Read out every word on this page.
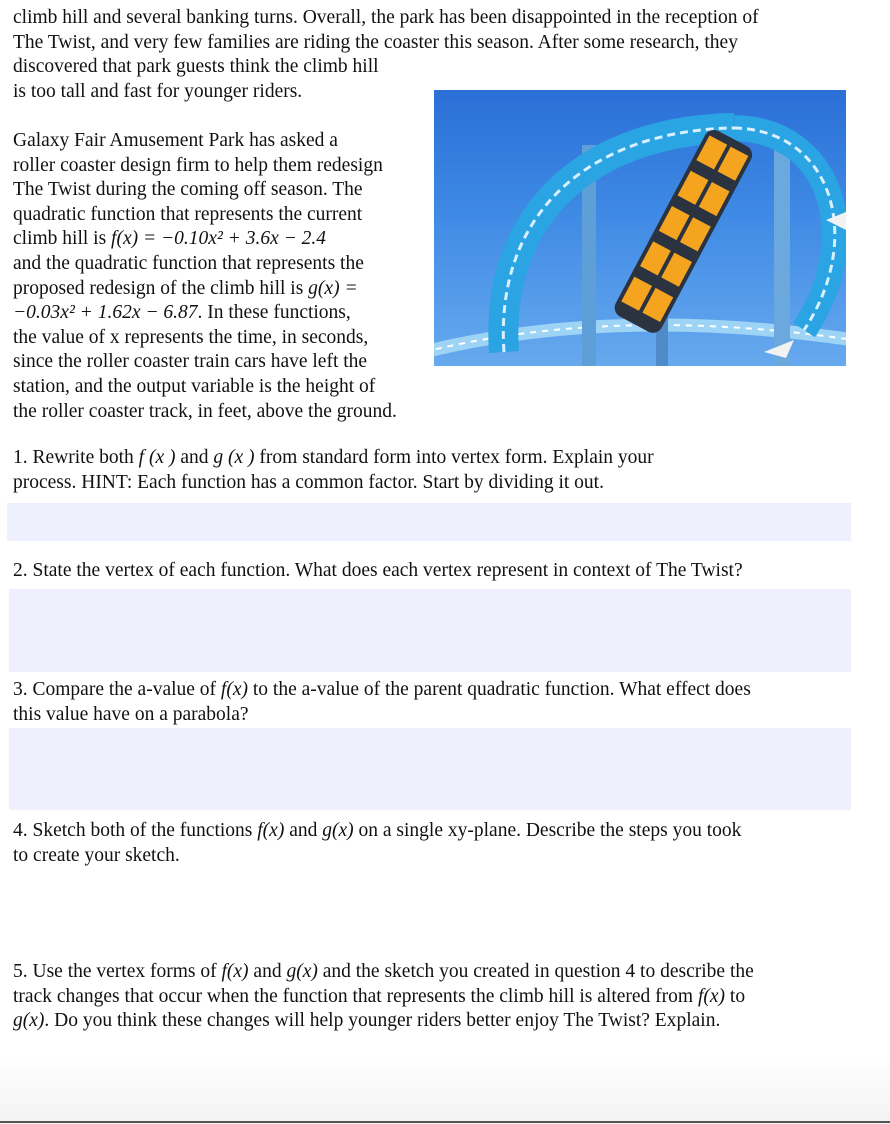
climb hill and several banking turns. Overall, the park has been disappointed in the reception of

The Twist, and very few families are riding the coaster this season. After some research, they

discovered that park guests think the climb hill

is too tall and fast for younger riders.

Galaxy Fair Amusement Park has asked a

roller coaster design firm to help them redesign

The Twist during the coming off season. The

quadratic function that represents the current

climb hill is f(x) = −0.10x² + 3.6x − 2.4

and the quadratic function that represents the

proposed redesign of the climb hill is g(x) =

−0.03x² + 1.62x − 6.87. In these functions,

the value of x represents the time, in seconds,

since the roller coaster train cars have left the

station, and the output variable is the height of

the roller coaster track, in feet, above the ground.

1. Rewrite both f (x ) and g (x ) from standard form into vertex form. Explain your

process. HINT: Each function has a common factor. Start by dividing it out.

2. State the vertex of each function. What does each vertex represent in context of The Twist?

3. Compare the a-value of f(x) to the a-value of the parent quadratic function. What effect does

this value have on a parabola?

4. Sketch both of the functions f(x) and g(x) on a single xy-plane. Describe the steps you took

to create your sketch.

5. Use the vertex forms of f(x) and g(x) and the sketch you created in question 4 to describe the

track changes that occur when the function that represents the climb hill is altered from f(x) to

g(x). Do you think these changes will help younger riders better enjoy The Twist? Explain.
